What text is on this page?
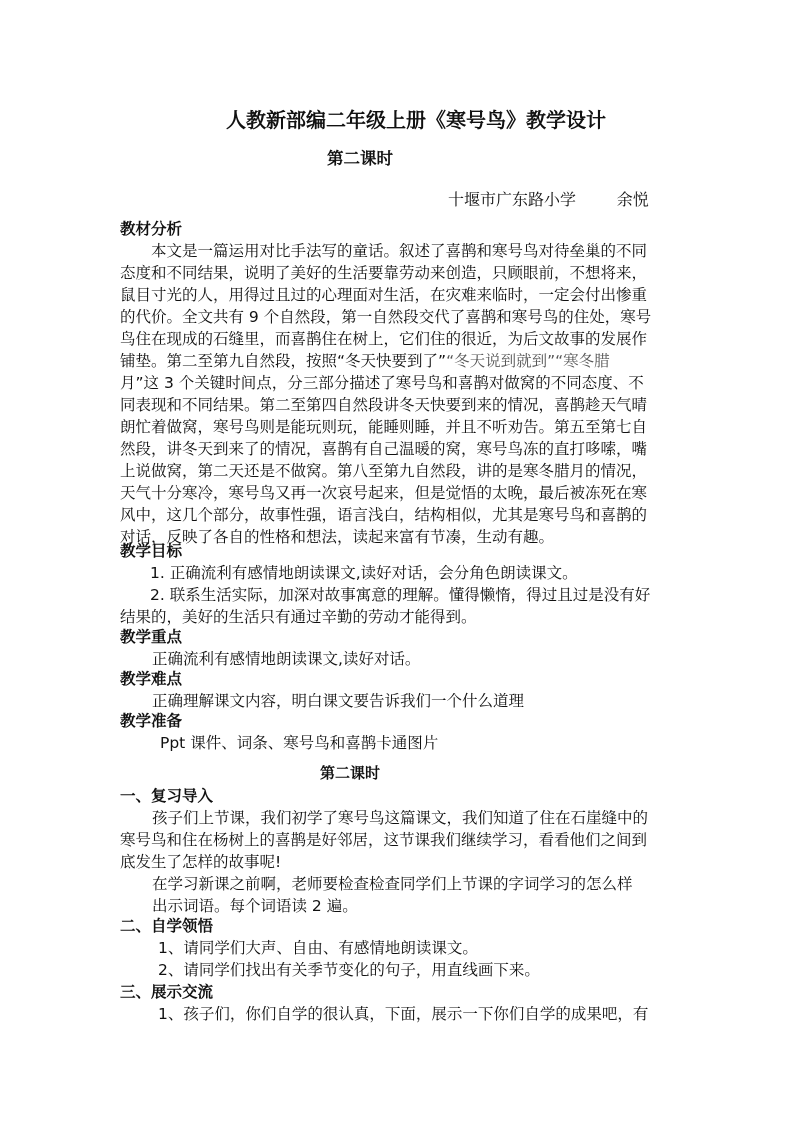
人教新部编二年级上册《寒号鸟》教学设计
第二课时
十堰市广东路小学        余悦
教材分析
本文是一篇运用对比手法写的童话。叙述了喜鹊和寒号鸟对待垒巢的不同
态度和不同结果，说明了美好的生活要靠劳动来创造，只顾眼前，不想将来，
鼠目寸光的人，用得过且过的心理面对生活，在灾难来临时，一定会付出惨重
的代价。全文共有 9 个自然段，第一自然段交代了喜鹊和寒号鸟的住处，寒号
鸟住在现成的石缝里，而喜鹊住在树上，它们住的很近，为后文故事的发展作
铺垫。第二至第九自然段，按照“冬天快要到了”“冬天说到就到”“寒冬腊
月”这 3 个关键时间点，分三部分描述了寒号鸟和喜鹊对做窝的不同态度、不
同表现和不同结果。第二至第四自然段讲冬天快要到来的情况，喜鹊趁天气晴
朗忙着做窝，寒号鸟则是能玩则玩，能睡则睡，并且不听劝告。第五至第七自
然段，讲冬天到来了的情况，喜鹊有自己温暖的窝，寒号鸟冻的直打哆嗦，嘴
上说做窝，第二天还是不做窝。第八至第九自然段，讲的是寒冬腊月的情况，
天气十分寒冷，寒号鸟又再一次哀号起来，但是觉悟的太晚，最后被冻死在寒
风中，这几个部分，故事性强，语言浅白，结构相似，尤其是寒号鸟和喜鹊的
对话，反映了各自的性格和想法，读起来富有节凑，生动有趣。
教学目标
1. 正确流利有感情地朗读课文,读好对话，会分角色朗读课文。
2. 联系生活实际，加深对故事寓意的理解。懂得懒惰，得过且过是没有好
结果的，美好的生活只有通过辛勤的劳动才能得到。
教学重点
正确流利有感情地朗读课文,读好对话。
教学难点
正确理解课文内容，明白课文要告诉我们一个什么道理
教学准备
Ppt 课件、词条、寒号鸟和喜鹊卡通图片
第二课时
一、复习导入
孩子们上节课，我们初学了寒号鸟这篇课文，我们知道了住在石崖缝中的
寒号鸟和住在杨树上的喜鹊是好邻居，这节课我们继续学习，看看他们之间到
底发生了怎样的故事呢!
在学习新课之前啊，老师要检查检查同学们上节课的字词学习的怎么样
出示词语。每个词语读 2 遍。
二、自学领悟
1、请同学们大声、自由、有感情地朗读课文。
2、请同学们找出有关季节变化的句子，用直线画下来。
三、展示交流
1、孩子们，你们自学的很认真，下面，展示一下你们自学的成果吧，有
